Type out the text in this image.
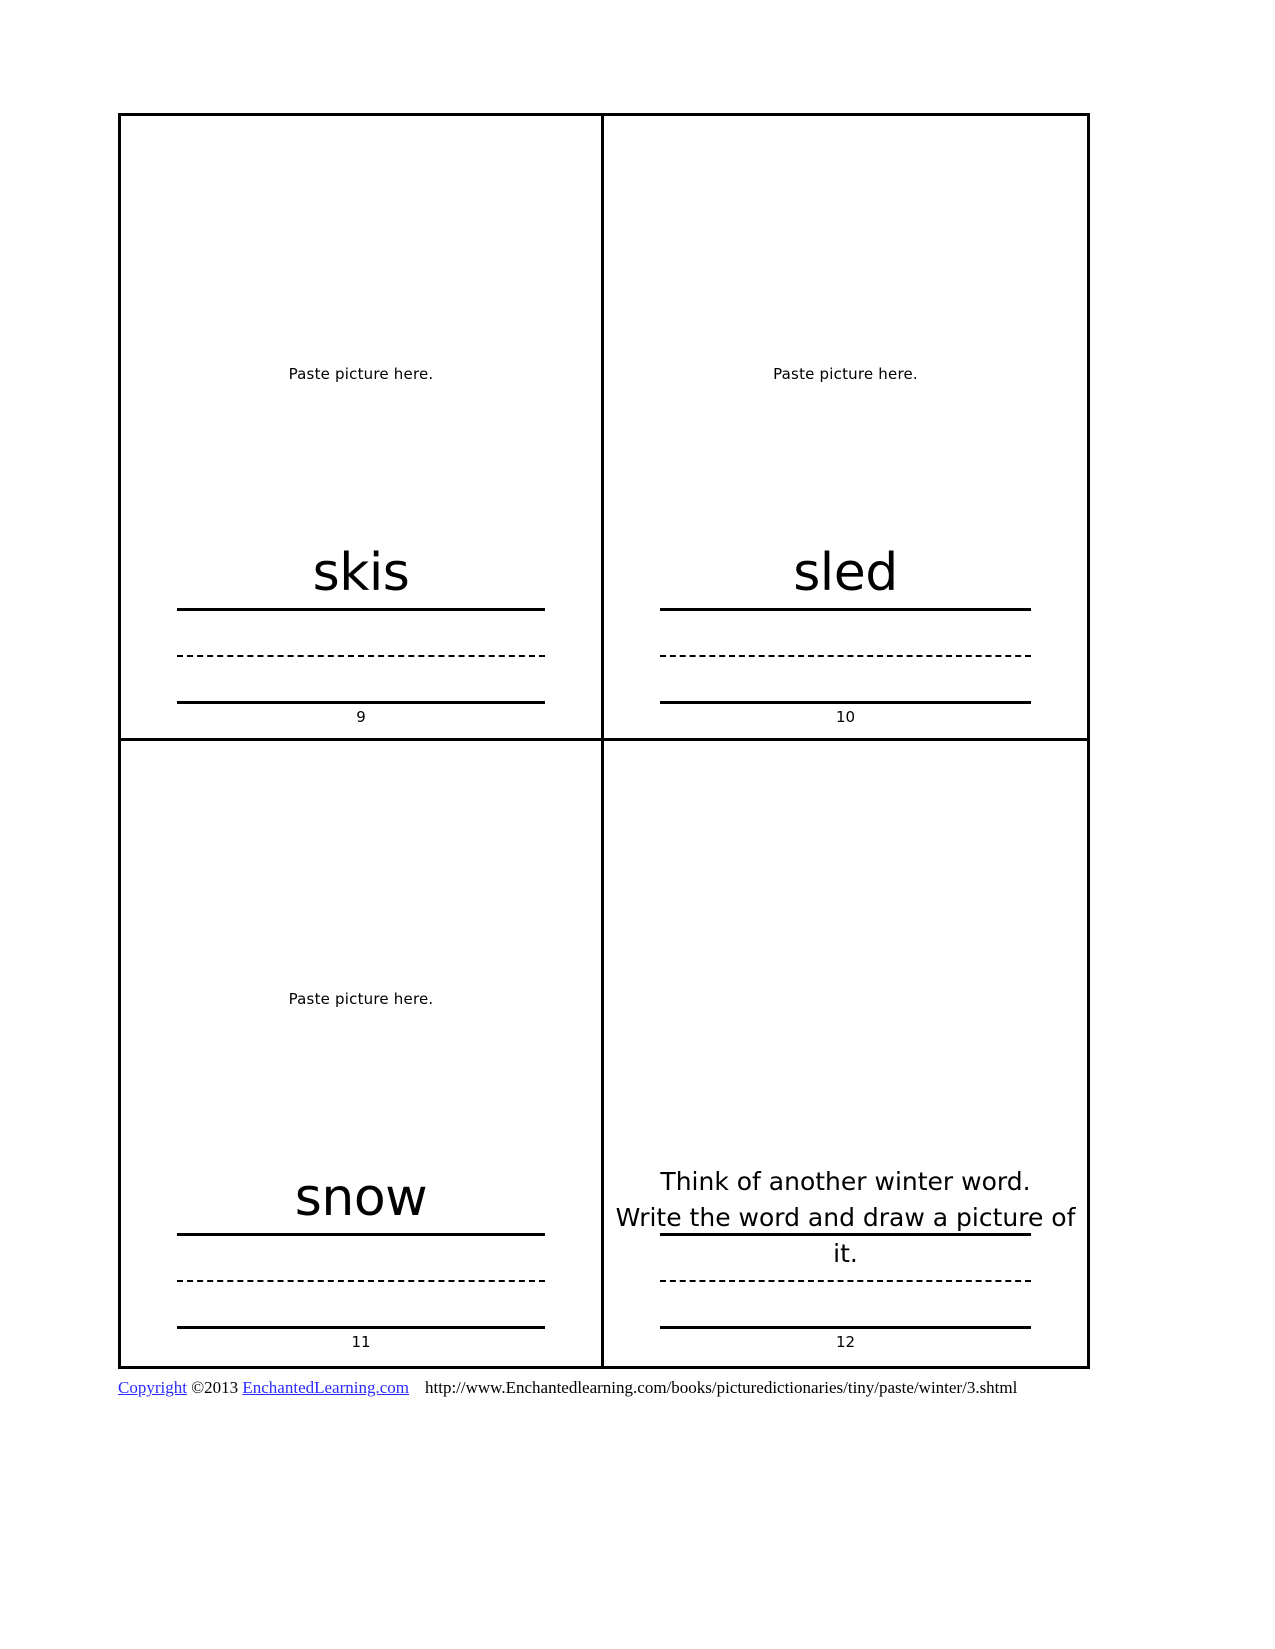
Paste picture here.
skis
9
Paste picture here.
sled
10
Paste picture here.
snow
11
Think of another winter word.
Write the word and draw a picture of it.
12
Copyright ©2013 EnchantedLearning.com http://www.Enchantedlearning.com/books/picturedictionaries/tiny/paste/winter/3.shtml
